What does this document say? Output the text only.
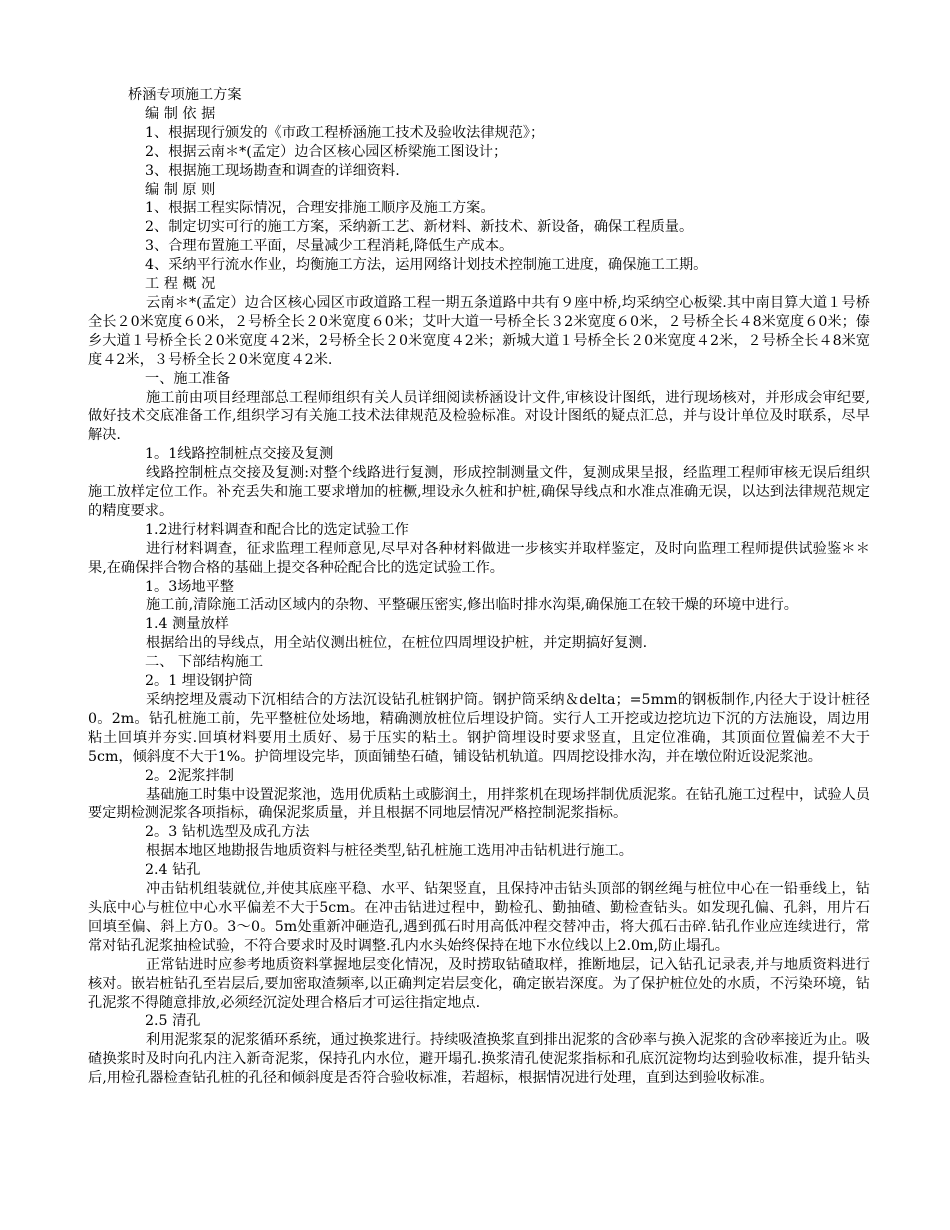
桥涵专项施工方案

编 制 依 据

1、根据现行颁发的《市政工程桥涵施工技术及验收法律规范》；

2、根据云南＊*(孟定）边合区核心园区桥梁施工图设计；

3、根据施工现场勘查和调查的详细资料.

编 制 原 则

1、根据工程实际情况，合理安排施工顺序及施工方案。

2、制定切实可行的施工方案，采纳新工艺、新材料、新技术、新设备，确保工程质量。

3、合理布置施工平面，尽量减少工程消耗,降低生产成本。

4、采纳平行流水作业，均衡施工方法，运用网络计划技术控制施工进度，确保施工工期。

工 程 概 况

云南＊*(孟定）边合区核心园区市政道路工程一期五条道路中共有９座中桥,均采纳空心板梁.其中南目算大道１号桥全长２0米宽度６0米，２号桥全长２0米宽度６0米；艾叶大道一号桥全长３2米宽度６0米，２号桥全长４8米宽度６0米；傣乡大道１号桥全长２0米宽度４2米，2号桥全长２0米宽度４2米；新城大道１号桥全长２0米宽度４2米，２号桥全长４8米宽度４2米，３号桥全长２0米宽度４2米.

一、施工准备

施工前由项目经理部总工程师组织有关人员详细阅读桥涵设计文件,审核设计图纸，进行现场核对，并形成会审纪要,做好技术交底准备工作,组织学习有关施工技术法律规范及检验标准。对设计图纸的疑点汇总，并与设计单位及时联系，尽早解决.

1。1线路控制桩点交接及复测

线路控制桩点交接及复测:对整个线路进行复测，形成控制测量文件，复测成果呈报，经监理工程师审核无误后组织施工放样定位工作。补充丢失和施工要求增加的桩橛,埋设永久桩和护桩,确保导线点和水准点准确无误，以达到法律规范规定的精度要求。

1.2进行材料调查和配合比的选定试验工作

进行材料调查，征求监理工程师意见,尽早对各种材料做进一步核实并取样鉴定，及时向监理工程师提供试验鉴＊＊果,在确保拌合物合格的基础上提交各种砼配合比的选定试验工作。

1。3场地平整

施工前,清除施工活动区域内的杂物、平整碾压密实,修出临时排水沟渠,确保施工在较干燥的环境中进行。

1.4 测量放样

根据给出的导线点，用全站仪测出桩位，在桩位四周埋设护桩，并定期搞好复测.

二、 下部结构施工

2。1 埋设钢护筒

采纳挖埋及震动下沉相结合的方法沉设钻孔桩钢护筒。钢护筒采纳＆delta；=5mm的钢板制作,内径大于设计桩径0。2m。钻孔桩施工前，先平整桩位处场地，精确测放桩位后埋设护筒。实行人工开挖或边挖坑边下沉的方法施设，周边用粘土回填并夯实.回填材料要用土质好、易于压实的粘土。钢护筒埋设时要求竖直，且定位准确，其顶面位置偏差不大于5cm，倾斜度不大于1%。护筒埋设完毕，顶面铺垫石碴，铺设钻机轨道。四周挖设排水沟，并在墩位附近设泥浆池。

2。2泥浆拌制

基础施工时集中设置泥浆池，选用优质粘土或膨润土，用拌浆机在现场拌制优质泥浆。在钻孔施工过程中，试验人员要定期检测泥浆各项指标，确保泥浆质量，并且根据不同地层情况严格控制泥浆指标。

2。3 钻机选型及成孔方法

根据本地区地勘报告地质资料与桩径类型,钻孔桩施工选用冲击钻机进行施工。

2.4 钻孔

冲击钻机组装就位,并使其底座平稳、水平、钻架竖直，且保持冲击钻头顶部的钢丝绳与桩位中心在一铅垂线上，钻头底中心与桩位中心水平偏差不大于5cm。在冲击钻进过程中，勤检孔、勤抽碴、勤检查钻头。如发现孔偏、孔斜，用片石回填至偏、斜上方0。3～0。5m处重新冲砸造孔,遇到孤石时用高低冲程交替冲击，将大孤石击碎.钻孔作业应连续进行，常常对钻孔泥浆抽检试验，不符合要求时及时调整.孔内水头始终保持在地下水位线以上2.0m,防止塌孔。

正常钻进时应参考地质资料掌握地层变化情况，及时捞取钻碴取样，推断地层，记入钻孔记录表,并与地质资料进行核对。嵌岩桩钻孔至岩层后,要加密取渣频率,以正确判定岩层变化，确定嵌岩深度。为了保护桩位处的水质，不污染环境，钻孔泥浆不得随意排放,必须经沉淀处理合格后才可运往指定地点.

2.5 清孔

利用泥浆泵的泥浆循环系统，通过换浆进行。持续吸渣换浆直到排出泥浆的含砂率与换入泥浆的含砂率接近为止。吸碴换浆时及时向孔内注入新奇泥浆，保持孔内水位，避开塌孔.换浆清孔使泥浆指标和孔底沉淀物均达到验收标准，提升钻头后,用检孔器检查钻孔桩的孔径和倾斜度是否符合验收标准，若超标，根据情况进行处理，直到达到验收标准。
